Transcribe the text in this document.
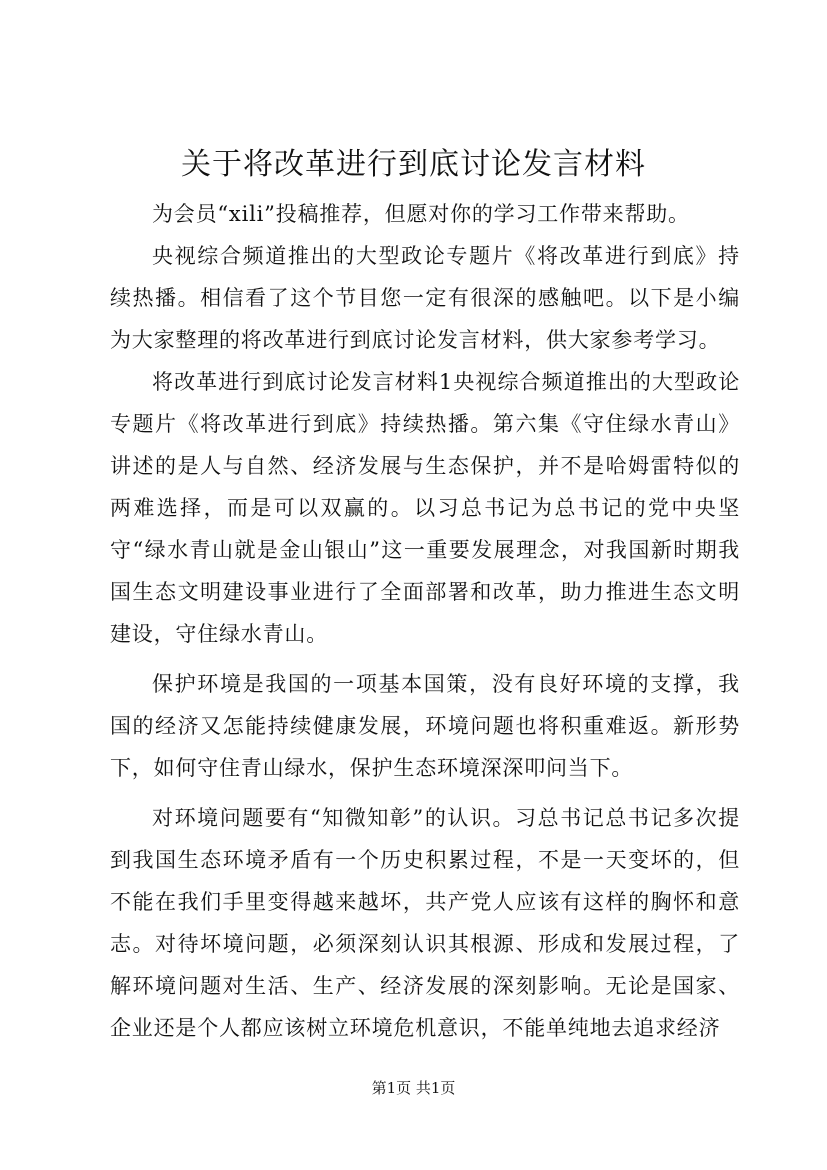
关于将改革进行到底讨论发言材料

为会员“xili”投稿推荐，但愿对你的学习工作带来帮助。

央视综合频道推出的大型政论专题片《将改革进行到底》持续热播。相信看了这个节目您一定有很深的感触吧。以下是小编为大家整理的将改革进行到底讨论发言材料，供大家参考学习。

将改革进行到底讨论发言材料1央视综合频道推出的大型政论专题片《将改革进行到底》持续热播。第六集《守住绿水青山》讲述的是人与自然、经济发展与生态保护，并不是哈姆雷特似的两难选择，而是可以双赢的。以习总书记为总书记的党中央坚守“绿水青山就是金山银山”这一重要发展理念，对我国新时期我国生态文明建设事业进行了全面部署和改革，助力推进生态文明建设，守住绿水青山。

保护环境是我国的一项基本国策，没有良好环境的支撑，我国的经济又怎能持续健康发展，环境问题也将积重难返。新形势下，如何守住青山绿水，保护生态环境深深叩问当下。

对环境问题要有“知微知彰”的认识。习总书记总书记多次提到我国生态环境矛盾有一个历史积累过程，不是一天变坏的，但不能在我们手里变得越来越坏，共产党人应该有这样的胸怀和意志。对待坏境问题，必须深刻认识其根源、形成和发展过程，了解环境问题对生活、生产、经济发展的深刻影响。无论是国家、企业还是个人都应该树立环境危机意识，不能单纯地去追求经济

第1页 共1页
